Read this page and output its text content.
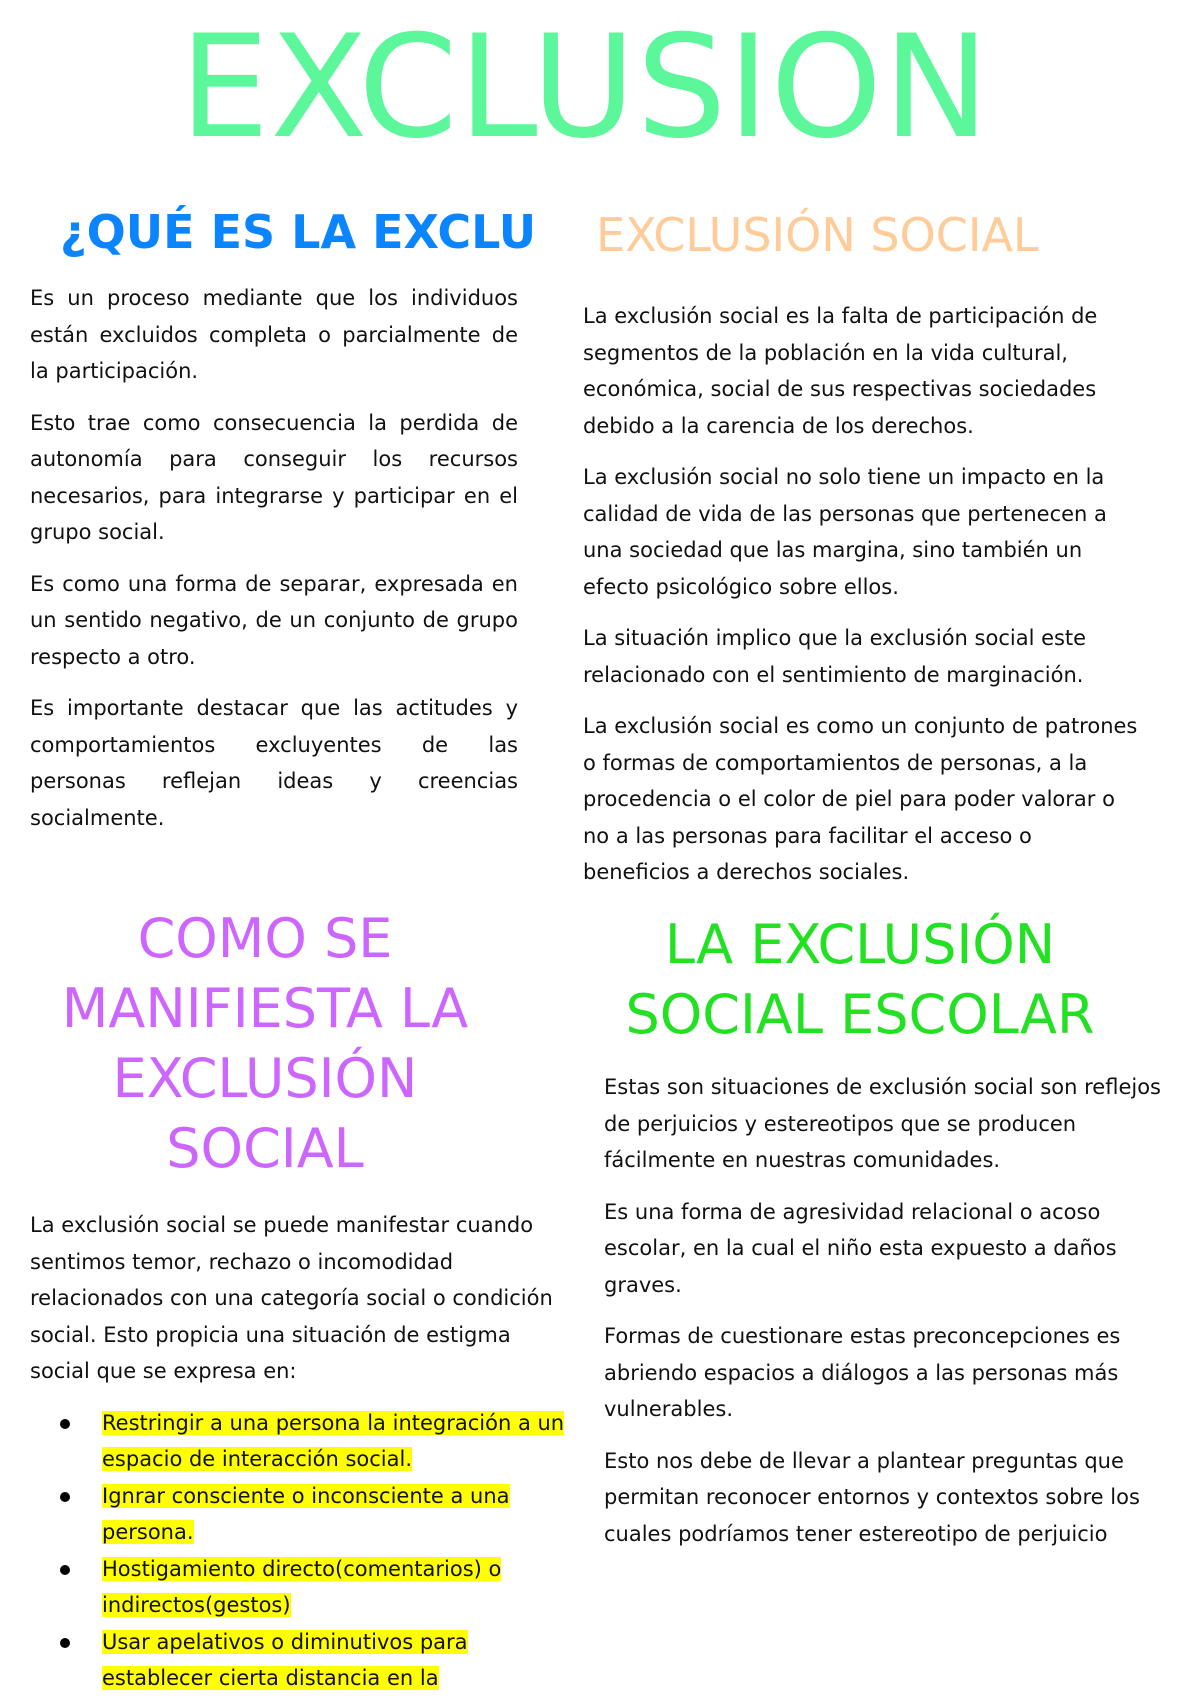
EXCLUSION
¿QUÉ ES LA EXCLU	EXCLUSIÓN SOCIAL

Es un proceso mediante que los individuos están excluidos completa o parcialmente de la participación.

Esto trae como consecuencia la perdida de autonomía para conseguir los recursos necesarios, para integrarse y participar en el grupo social.

Es como una forma de separar, expresada en un sentido negativo, de un conjunto de grupo respecto a otro.

Es importante destacar que las actitudes y comportamientos excluyentes de las personas reflejan ideas y creencias socialmente.

La exclusión social es la falta de participación de segmentos de la población en la vida cultural, económica, social de sus respectivas sociedades debido a la carencia de los derechos.

La exclusión social no solo tiene un impacto en la calidad de vida de las personas que pertenecen a una sociedad que las margina, sino también un efecto psicológico sobre ellos.

La situación implico que la exclusión social este relacionado con el sentimiento de marginación.

La exclusión social es como un conjunto de patrones o formas de comportamientos de personas, a la procedencia o el color de piel para poder valorar o no a las personas para facilitar el acceso o beneficios a derechos sociales.

COMO SE MANIFIESTA LA EXCLUSIÓN SOCIAL
LA EXCLUSIÓN SOCIAL ESCOLAR

La exclusión social se puede manifestar cuando sentimos temor, rechazo o incomodidad relacionados con una categoría social o condición social. Esto propicia una situación de estigma social que se expresa en:

Restringir a una persona la integración a un espacio de interacción social.
Ignrar consciente o inconsciente a una persona.
Hostigamiento directo(comentarios) o indirectos(gestos)
Usar apelativos o diminutivos para establecer cierta distancia en la

Estas son situaciones de exclusión social son reflejos de perjuicios y estereotipos que se producen fácilmente en nuestras comunidades.

Es una forma de agresividad relacional o acoso escolar, en la cual el niño esta expuesto a daños graves.

Formas de cuestionare estas preconcepciones es abriendo espacios a diálogos a las personas más vulnerables.

Esto nos debe de llevar a plantear preguntas que permitan reconocer entornos y contextos sobre los cuales podríamos tener estereotipo de perjuicio
